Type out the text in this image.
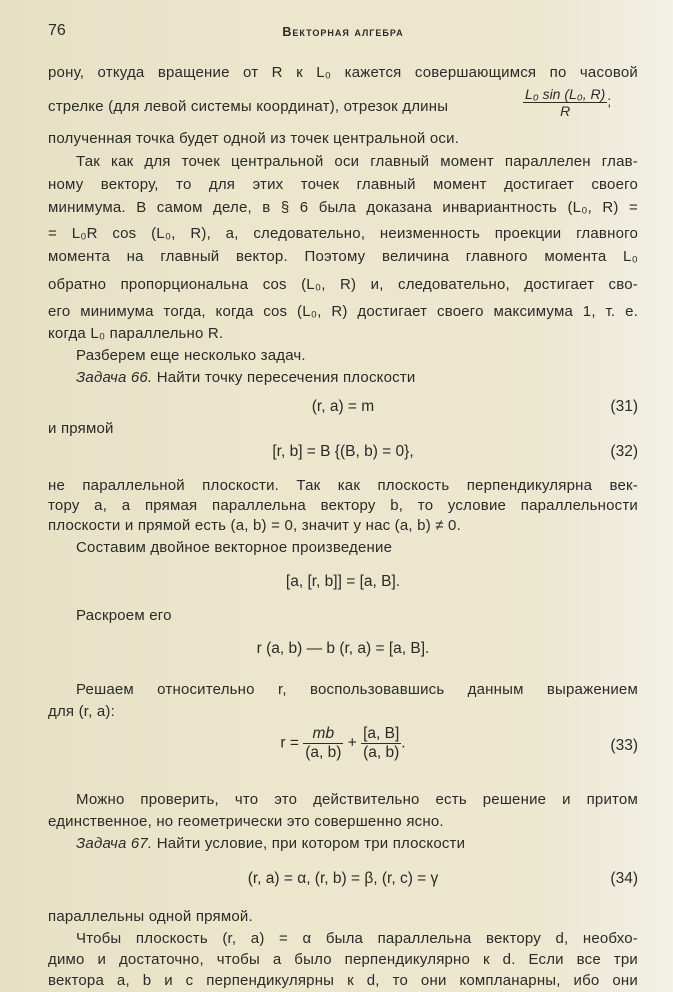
76	Векторная алгебра
рону, откуда вращение от R к L₀ кажется совершающимся по часовой
стрелке (для левой системы координат), отрезок длины	$\frac{\text{L₀ sin (L₀, R)}}{R}$ ;
полученная точка будет одной из точек центральной оси.
Так как для точек центральной оси главный момент параллелен глав-
ному вектору, то для этих точек главный момент достигает своего
минимума. В самом деле, в § 6 была доказана инвариантность (L₀, R) =
= L₀R cos (L₀, R), а, следовательно, неизменность проекции главного
момента на главный вектор. Поэтому величина главного момента L₀
обратно пропорциональна cos (L₀, R) и, следовательно, достигает сво-
его минимума тогда, когда cos (L₀, R) достигает своего максимума 1, т. е.
когда L₀ параллельно R.
Разберем еще несколько задач.
Задача 66. Найти точку пересечения плоскости
(r, a) = m	(31)
и прямой
[r, b] = B {(B, b) = 0},	(32)
не параллельной плоскости. Так как плоскость перпендикулярна век-
тору a, а прямая параллельна вектору b, то условие параллельности
плоскости и прямой есть (a, b) = 0, значит у нас (a, b) ≠ 0.
Составим двойное векторное произведение
[a, [r, b]] = [a, B].
Раскроем его
r (a, b) — b (r, a) = [a, B].
Решаем относительно r, воспользовавшись данным выражением
для (r, a):
$r = \frac{mb}{(a, b)} + \frac{[a, B]}{(a, b)}$ .	(33)
Можно проверить, что это действительно есть решение и притом
единственное, но геометрически это совершенно ясно.
Задача 67. Найти условие, при котором три плоскости
(r, a) = α, (r, b) = β, (r, c) = γ	(34)
параллельны одной прямой.
Чтобы плоскость (r, a) = α была параллельна вектору d, необхо-
димо и достаточно, чтобы a было перпендикулярно к d. Если все три
вектора a, b и c перпендикулярны к d, то они компланарны, ибо они
